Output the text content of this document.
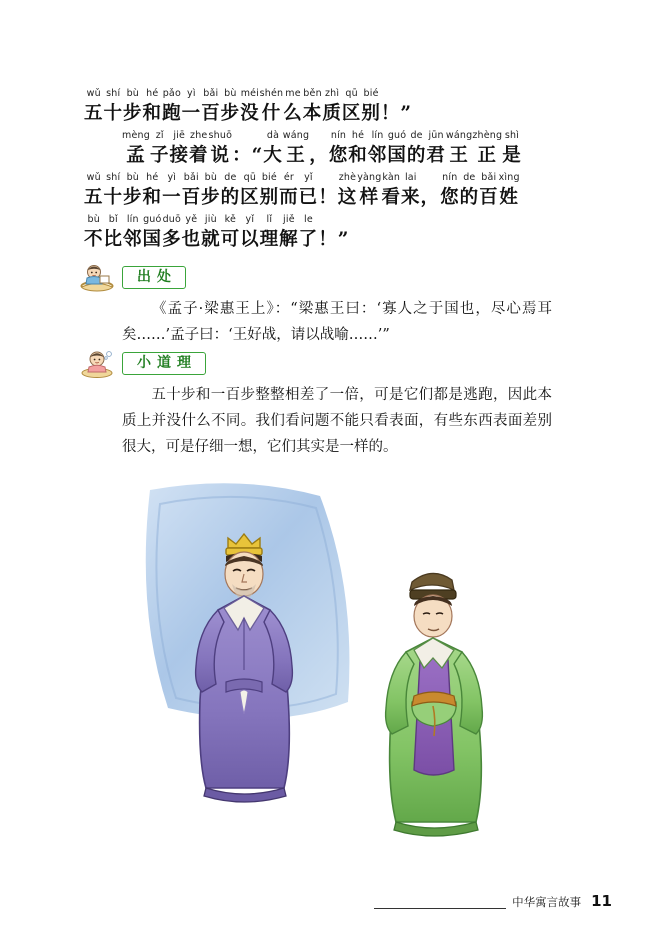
wǔ
五
shí
十
bù
步
hé
和
pǎo
跑
yì
一
bǎi
百
bù
步
méi
没
shén
什
me
么
běn
本
zhì
质
qū
区
bié
别
！
”
mèng
孟
zǐ
子
jiē
接
zhe
着
shuō
说
：
“
dà
大
wáng
王
，
nín
您
hé
和
lín
邻
guó
国
de
的
jūn
君
wáng
王
zhèng
正
shì
是
wǔ
五
shí
十
bù
步
hé
和
yì
一
bǎi
百
bù
步
de
的
qū
区
bié
别
ér
而
yǐ
已
！
zhè
这
yàng
样
kàn
看
lai
来
，
nín
您
de
的
bǎi
百
xìng
姓
bù
不
bǐ
比
lín
邻
guó
国
duō
多
yě
也
jiù
就
kě
可
yǐ
以
lǐ
理
jiě
解
le
了
！
”
出处
《孟子·梁惠王上》：“梁惠王曰：‘寡人之于国也，尽心焉耳矣……’孟子曰：‘王好战，请以战喻……’”
小道理
五十步和一百步整整相差了一倍，可是它们都是逃跑，因此本质上并没什么不同。我们看问题不能只看表面，有些东西表面差别很大，可是仔细一想，它们其实是一样的。
中华寓言故事 11
